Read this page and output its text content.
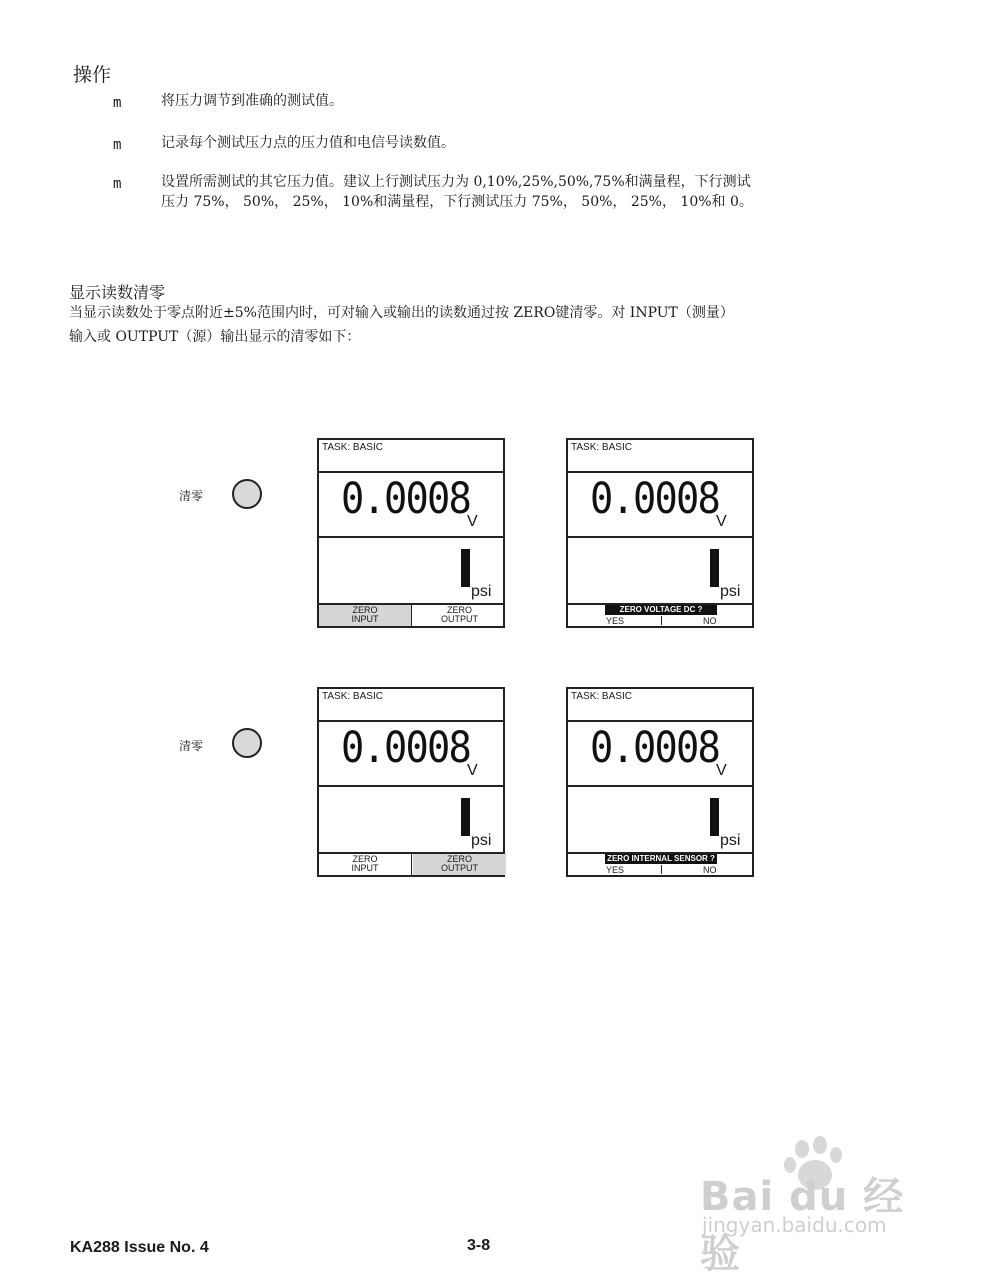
操作
m	将压力调节到准确的测试值。
m	记录每个测试压力点的压力值和电信号读数值。
m	设置所需测试的其它压力值。建议上行测试压力为 0,10%,25%,50%,75%和满量程，下行测试
压力 75%， 50%， 25%， 10%和满量程，下行测试压力 75%， 50%， 25%， 10%和 0。
显示读数清零
当显示读数处于零点附近±5%范围内时，可对输入或输出的读数通过按 ZERO键清零。对 INPUT（测量）
输入或 OUTPUT（源）输出显示的清零如下：
清零
TASK: BASIC
0.0008
V
psi
ZERO
INPUT
ZERO
OUTPUT
TASK: BASIC
0.0008
V
psi
ZERO VOLTAGE DC ?
YES	NO
清零
TASK: BASIC
0.0008
V
psi
ZERO
INPUT
ZERO
OUTPUT
TASK: BASIC
0.0008
V
psi
ZERO INTERNAL SENSOR ?
YES	NO
Bai du 经验
jingyan.baidu.com
KA288 Issue No. 4	3-8
